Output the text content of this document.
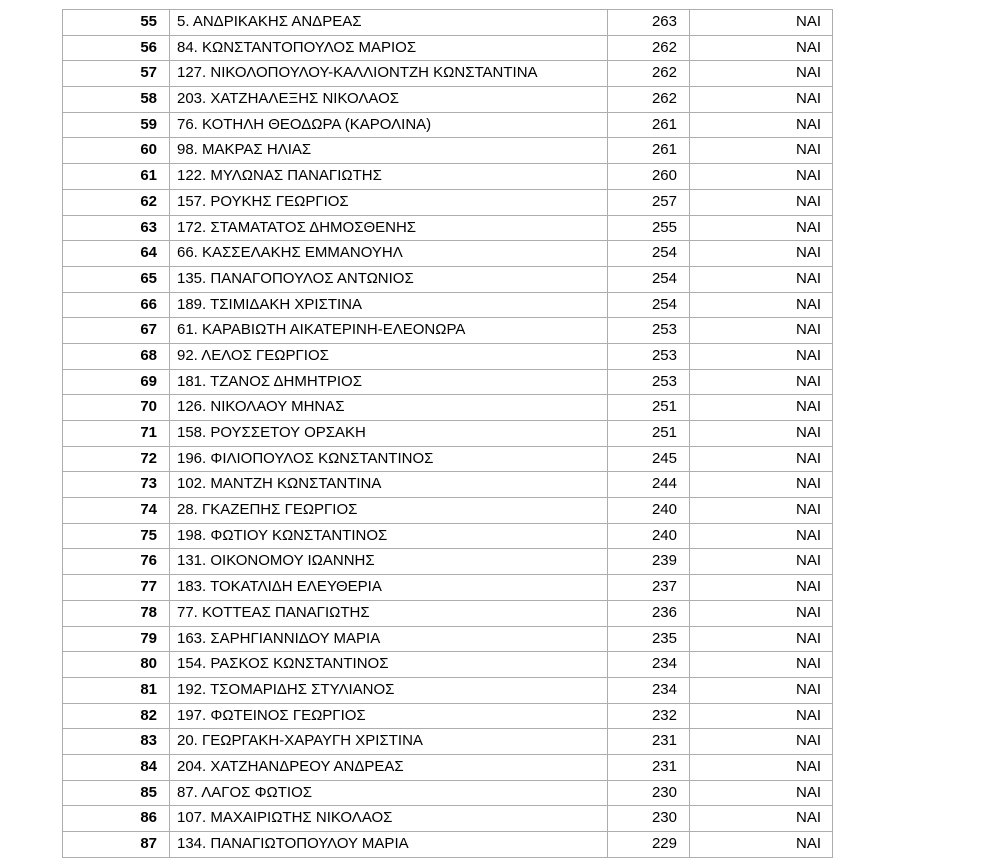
55	5. ΑΝΔΡΙΚΑΚΗΣ ΑΝΔΡΕΑΣ	263	ΝΑΙ
56	84. ΚΩΝΣΤΑΝΤΟΠΟΥΛΟΣ ΜΑΡΙΟΣ	262	ΝΑΙ
57	127. ΝΙΚΟΛΟΠΟΥΛΟΥ-ΚΑΛΛΙΟΝΤΖΗ ΚΩΝΣΤΑΝΤΙΝΑ	262	ΝΑΙ
58	203. ΧΑΤΖΗΑΛΕΞΗΣ ΝΙΚΟΛΑΟΣ	262	ΝΑΙ
59	76. ΚΟΤΗΛΗ ΘΕΟΔΩΡΑ (ΚΑΡΟΛΙΝΑ)	261	ΝΑΙ
60	98. ΜΑΚΡΑΣ ΗΛΙΑΣ	261	ΝΑΙ
61	122. ΜΥΛΩΝΑΣ ΠΑΝΑΓΙΩΤΗΣ	260	ΝΑΙ
62	157. ΡΟΥΚΗΣ ΓΕΩΡΓΙΟΣ	257	ΝΑΙ
63	172. ΣΤΑΜΑΤΑΤΟΣ ΔΗΜΟΣΘΕΝΗΣ	255	ΝΑΙ
64	66. ΚΑΣΣΕΛΑΚΗΣ ΕΜΜΑΝΟΥΗΛ	254	ΝΑΙ
65	135. ΠΑΝΑΓΟΠΟΥΛΟΣ ΑΝΤΩΝΙΟΣ	254	ΝΑΙ
66	189. ΤΣΙΜΙΔΑΚΗ ΧΡΙΣΤΙΝΑ	254	ΝΑΙ
67	61. ΚΑΡΑΒΙΩΤΗ ΑΙΚΑΤΕΡΙΝΗ-ΕΛΕΟΝΩΡΑ	253	ΝΑΙ
68	92. ΛΕΛΟΣ ΓΕΩΡΓΙΟΣ	253	ΝΑΙ
69	181. ΤΖΑΝΟΣ ΔΗΜΗΤΡΙΟΣ	253	ΝΑΙ
70	126. ΝΙΚΟΛΑΟΥ ΜΗΝΑΣ	251	ΝΑΙ
71	158. ΡΟΥΣΣΕΤΟΥ ΟΡΣΑΚΗ	251	ΝΑΙ
72	196. ΦΙΛΙΟΠΟΥΛΟΣ ΚΩΝΣΤΑΝΤΙΝΟΣ	245	ΝΑΙ
73	102. ΜΑΝΤΖΗ ΚΩΝΣΤΑΝΤΙΝΑ	244	ΝΑΙ
74	28. ΓΚΑΖΕΠΗΣ ΓΕΩΡΓΙΟΣ	240	ΝΑΙ
75	198. ΦΩΤΙΟΥ ΚΩΝΣΤΑΝΤΙΝΟΣ	240	ΝΑΙ
76	131. ΟΙΚΟΝΟΜΟΥ ΙΩΑΝΝΗΣ	239	ΝΑΙ
77	183. ΤΟΚΑΤΛΙΔΗ ΕΛΕΥΘΕΡΙΑ	237	ΝΑΙ
78	77. ΚΟΤΤΕΑΣ ΠΑΝΑΓΙΩΤΗΣ	236	ΝΑΙ
79	163. ΣΑΡΗΓΙΑΝΝΙΔΟΥ ΜΑΡΙΑ	235	ΝΑΙ
80	154. ΡΑΣΚΟΣ ΚΩΝΣΤΑΝΤΙΝΟΣ	234	ΝΑΙ
81	192. ΤΣΟΜΑΡΙΔΗΣ ΣΤΥΛΙΑΝΟΣ	234	ΝΑΙ
82	197. ΦΩΤΕΙΝΟΣ ΓΕΩΡΓΙΟΣ	232	ΝΑΙ
83	20. ΓΕΩΡΓΑΚΗ-ΧΑΡΑΥΓΗ ΧΡΙΣΤΙΝΑ	231	ΝΑΙ
84	204. ΧΑΤΖΗΑΝΔΡΕΟΥ ΑΝΔΡΕΑΣ	231	ΝΑΙ
85	87. ΛΑΓΟΣ ΦΩΤΙΟΣ	230	ΝΑΙ
86	107. ΜΑΧΑΙΡΙΩΤΗΣ ΝΙΚΟΛΑΟΣ	230	ΝΑΙ
87	134. ΠΑΝΑΓΙΩΤΟΠΟΥΛΟΥ ΜΑΡΙΑ	229	ΝΑΙ
